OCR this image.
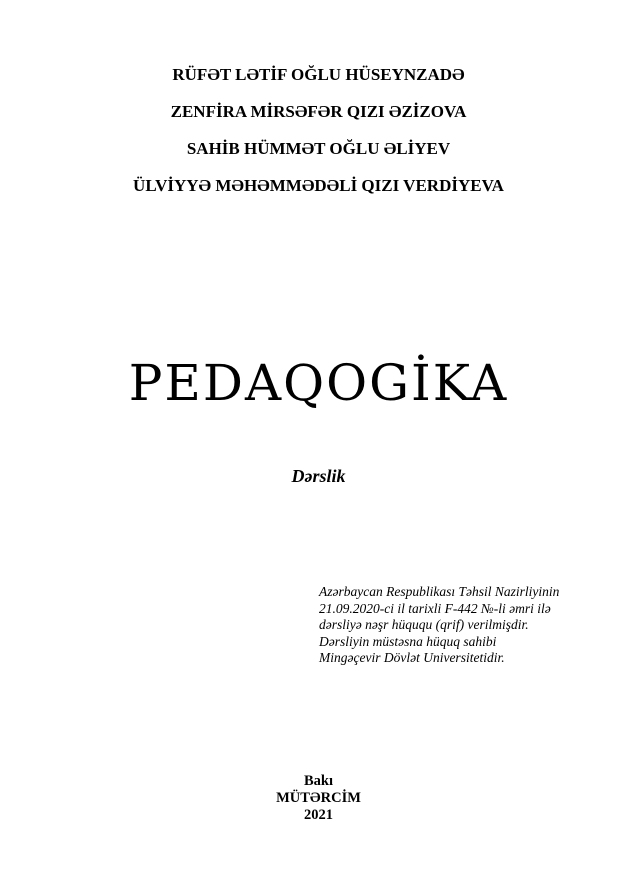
RÜFƏT LƏTİF OĞLU HÜSEYNZADƏ
ZENFİRA MİRSƏFƏR QIZI ƏZİZOVA
SAHİB HÜMMƏT OĞLU ƏLİYEV
ÜLVİYYƏ MƏHƏMMƏDƏLİ QIZI VERDİYEVA
PEDAQOGİKA
Dərslik
Azərbaycan Respublikası Təhsil Nazirliyinin
21.09.2020-ci il tarixli F-442 №-li əmri ilə
dərsliyə nəşr hüququ (qrif) verilmişdir.
Dərsliyin müstəsna hüquq sahibi
Mingəçevir Dövlət Universitetidir.
Bakı
MÜTƏRCİM
2021
